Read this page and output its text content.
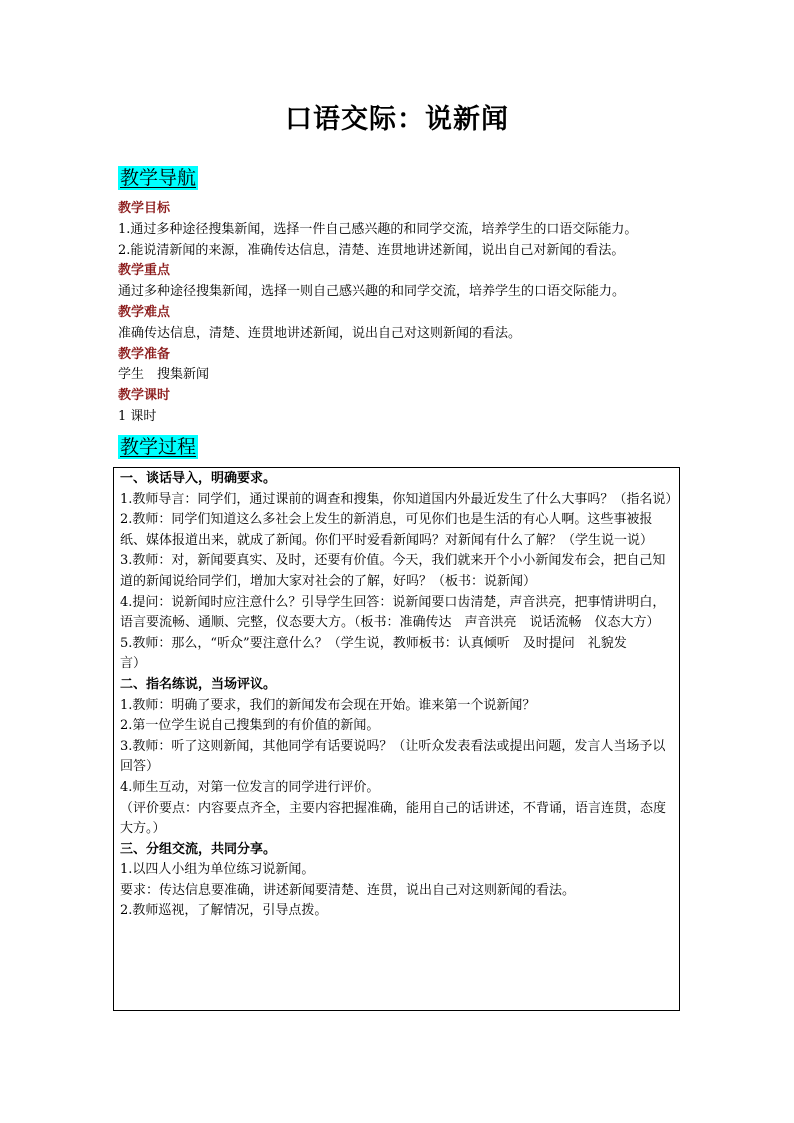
口语交际：说新闻
教学导航
教学目标
1.通过多种途径搜集新闻，选择一件自己感兴趣的和同学交流，培养学生的口语交际能力。
2.能说清新闻的来源，准确传达信息，清楚、连贯地讲述新闻，说出自己对新闻的看法。
教学重点
通过多种途径搜集新闻，选择一则自己感兴趣的和同学交流，培养学生的口语交际能力。
教学难点
准确传达信息，清楚、连贯地讲述新闻，说出自己对这则新闻的看法。
教学准备
学生　搜集新闻
教学课时
1 课时
教学过程
一、谈话导入，明确要求。
1.教师导言：同学们，通过课前的调查和搜集，你知道国内外最近发生了什么大事吗？（指名说）
2.教师：同学们知道这么多社会上发生的新消息，可见你们也是生活的有心人啊。这些事被报纸、媒体报道出来，就成了新闻。你们平时爱看新闻吗？对新闻有什么了解？（学生说一说）
3.教师：对，新闻要真实、及时，还要有价值。今天，我们就来开个小小新闻发布会，把自己知道的新闻说给同学们，增加大家对社会的了解，好吗？（板书：说新闻）
4.提问：说新闻时应注意什么？引导学生回答：说新闻要口齿清楚，声音洪亮，把事情讲明白，语言要流畅、通顺、完整，仪态要大方。（板书：准确传达　声音洪亮　说话流畅　仪态大方）
5.教师：那么，“听众”要注意什么？（学生说，教师板书：认真倾听　及时提问　礼貌发
言）
二、指名练说，当场评议。
1.教师：明确了要求，我们的新闻发布会现在开始。谁来第一个说新闻？
2.第一位学生说自己搜集到的有价值的新闻。
3.教师：听了这则新闻，其他同学有话要说吗？（让听众发表看法或提出问题，发言人当场予以回答）
4.师生互动，对第一位发言的同学进行评价。
（评价要点：内容要点齐全，主要内容把握准确，能用自己的话讲述，不背诵，语言连贯，态度大方。）
三、分组交流，共同分享。
1.以四人小组为单位练习说新闻。
要求：传达信息要准确，讲述新闻要清楚、连贯，说出自己对这则新闻的看法。
2.教师巡视，了解情况，引导点拨。
